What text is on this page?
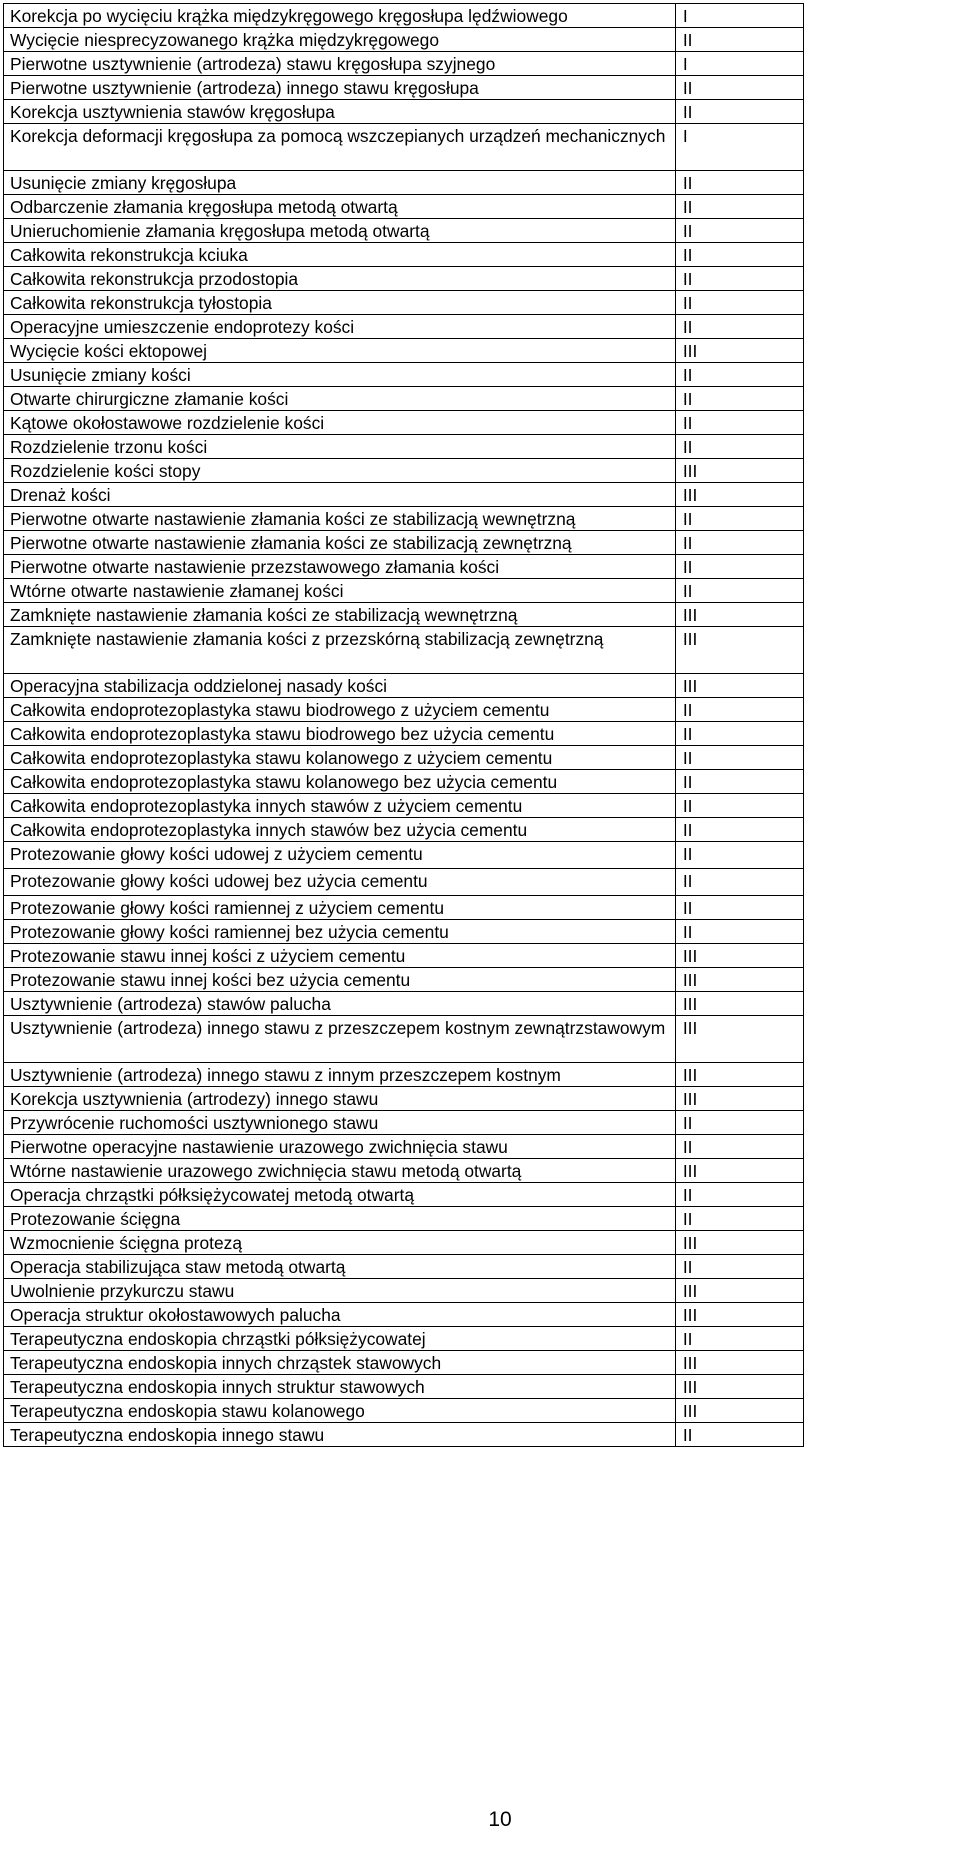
Korekcja po wycięciu krążka międzykręgowego kręgosłupa lędźwiowego	I
Wycięcie niesprecyzowanego krążka międzykręgowego	II
Pierwotne usztywnienie (artrodeza) stawu kręgosłupa szyjnego	I
Pierwotne usztywnienie (artrodeza) innego stawu kręgosłupa	II
Korekcja usztywnienia stawów kręgosłupa	II
Korekcja deformacji kręgosłupa za pomocą wszczepianych urządzeń mechanicznych	I
Usunięcie zmiany kręgosłupa	II
Odbarczenie złamania kręgosłupa metodą otwartą	II
Unieruchomienie złamania kręgosłupa metodą otwartą	II
Całkowita rekonstrukcja kciuka	II
Całkowita rekonstrukcja przodostopia	II
Całkowita rekonstrukcja tyłostopia	II
Operacyjne umieszczenie endoprotezy kości	II
Wycięcie kości ektopowej	III
Usunięcie zmiany kości	II
Otwarte chirurgiczne złamanie kości	II
Kątowe okołostawowe rozdzielenie kości	II
Rozdzielenie trzonu kości	II
Rozdzielenie kości stopy	III
Drenaż kości	III
Pierwotne otwarte nastawienie złamania kości ze stabilizacją wewnętrzną	II
Pierwotne otwarte nastawienie złamania kości ze stabilizacją zewnętrzną	II
Pierwotne otwarte nastawienie przezstawowego złamania kości	II
Wtórne otwarte nastawienie złamanej kości	II
Zamknięte nastawienie złamania kości ze stabilizacją wewnętrzną	III
Zamknięte nastawienie złamania kości z przezskórną stabilizacją zewnętrzną	III
Operacyjna stabilizacja oddzielonej nasady kości	III
Całkowita endoprotezoplastyka stawu biodrowego z użyciem cementu	II
Całkowita endoprotezoplastyka stawu biodrowego bez użycia cementu	II
Całkowita endoprotezoplastyka stawu kolanowego z użyciem cementu	II
Całkowita endoprotezoplastyka stawu kolanowego bez użycia cementu	II
Całkowita endoprotezoplastyka innych stawów z użyciem cementu	II
Całkowita endoprotezoplastyka innych stawów bez użycia cementu	II
Protezowanie głowy kości udowej z użyciem cementu	II
Protezowanie głowy kości udowej bez użycia cementu	II
Protezowanie głowy kości ramiennej z użyciem cementu	II
Protezowanie głowy kości ramiennej bez użycia cementu	II
Protezowanie stawu innej kości z użyciem cementu	III
Protezowanie stawu innej kości bez użycia cementu	III
Usztywnienie (artrodeza) stawów palucha	III
Usztywnienie (artrodeza) innego stawu z przeszczepem kostnym zewnątrzstawowym	III
Usztywnienie (artrodeza) innego stawu z innym przeszczepem kostnym	III
Korekcja usztywnienia (artrodezy) innego stawu	III
Przywrócenie ruchomości usztywnionego stawu	II
Pierwotne operacyjne nastawienie urazowego zwichnięcia stawu	II
Wtórne nastawienie urazowego zwichnięcia stawu metodą otwartą	III
Operacja chrząstki półksiężycowatej metodą otwartą	II
Protezowanie ścięgna	II
Wzmocnienie ścięgna protezą	III
Operacja stabilizująca staw metodą otwartą	II
Uwolnienie przykurczu stawu	III
Operacja struktur okołostawowych palucha	III
Terapeutyczna endoskopia chrząstki półksiężycowatej	II
Terapeutyczna endoskopia innych chrząstek stawowych	III
Terapeutyczna endoskopia innych struktur stawowych	III
Terapeutyczna endoskopia stawu kolanowego	III
Terapeutyczna endoskopia innego stawu	II
10
